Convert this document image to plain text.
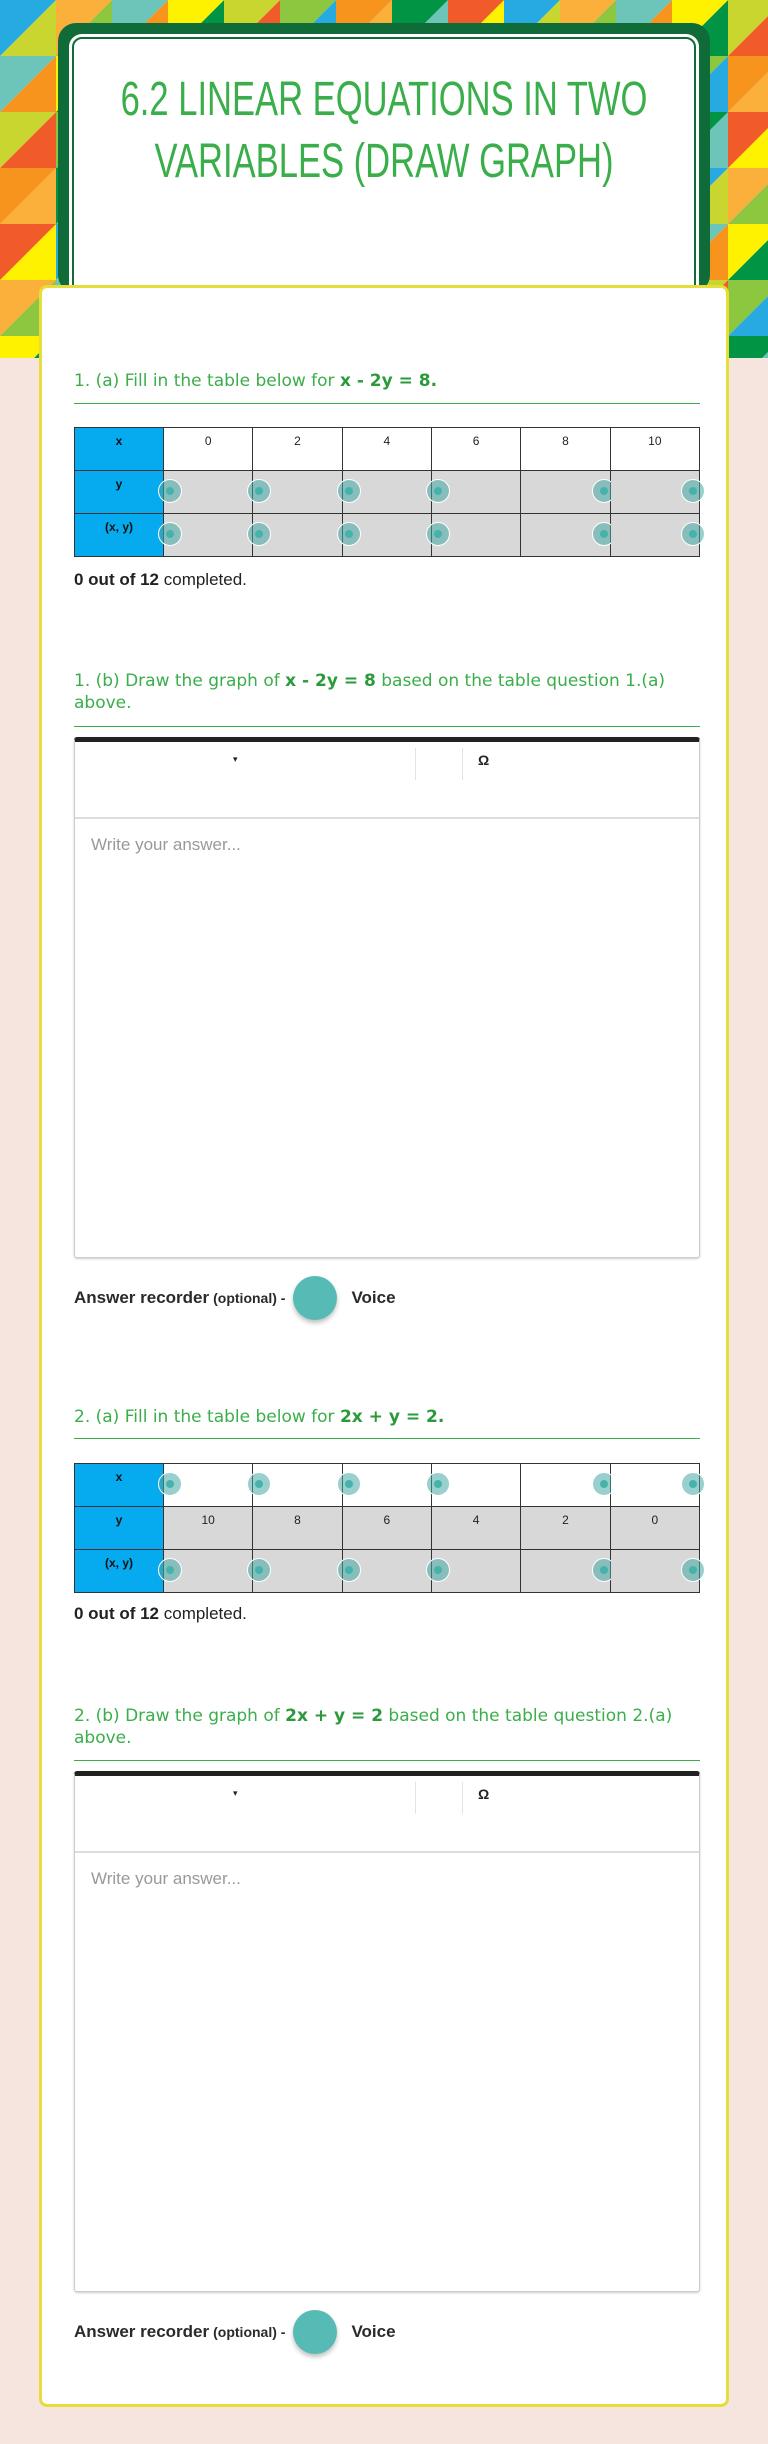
6.2 LINEAR EQUATIONS IN TWO VARIABLES (DRAW GRAPH)
1. (a) Fill in the table below for x - 2y = 8.
x	0	2	4	6	8	10
y	

(x, y)	

0 out of 12 completed.
1. (b) Draw the graph of x - 2y = 8 based on the table question 1.(a) above.
▾	Ω
Write your answer...
Answer recorder (optional) -	Voice
2. (a) Fill in the table below for 2x + y = 2.
x	

y	10	8	6	4	2	0
(x, y)	

0 out of 12 completed.
2. (b) Draw the graph of 2x + y = 2 based on the table question 2.(a) above.
▾	Ω
Write your answer...
Answer recorder (optional) -	Voice
